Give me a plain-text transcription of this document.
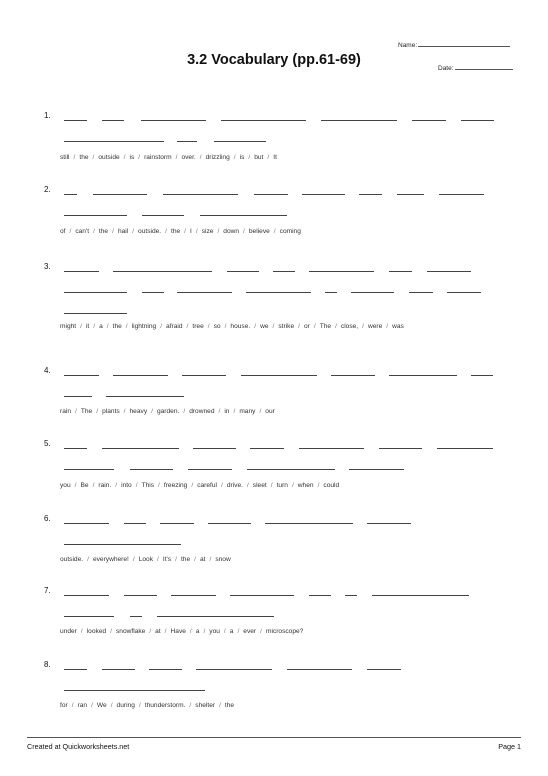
Name:
Date:
3.2 Vocabulary (pp.61-69)
1.
still / the / outside / is / rainstorm / over. / drizzling / is / but / It
2.
of / can't / the / hail / outside. / the / I / size / down / believe / coming
3.
might / it / a / the / lightning / afraid / tree / so / house. / we / strike / or / The / close, / were / was
4.
rain / The / plants / heavy / garden. / drowned / in / many / our
5.
you / Be / rain. / into / This / freezing / careful / drive. / sleet / turn / when / could
6.
outside. / everywhere! / Look / It's / the / at / snow
7.
under / looked / snowflake / at / Have / a / you / a / ever / microscope?
8.
for / ran / We / during / thunderstorm. / shelter / the
Created at Quickworksheets.net	Page 1
